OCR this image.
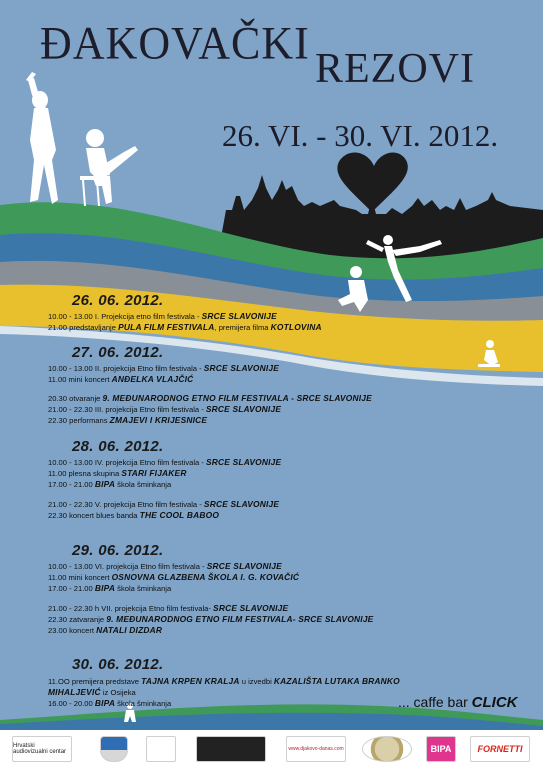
ĐAKOVAČKI REZOVI
26. VI. - 30. VI. 2012.
26. 06. 2012.
10.00 - 13.00 I. Projekcija etno film festivala - SRCE SLAVONIJE
21.00 predstavljanje PULA FILM FESTIVALA, premijera filma KOTLOVINA
27. 06. 2012.
10.00 - 13.00 II. projekcija Etno film festivala - SRCE SLAVONIJE
11.00 mini koncert ANĐELKA VLAJČIĆ
20.30 otvaranje 9. MEĐUNARODNOG ETNO FILM FESTIVALA - SRCE SLAVONIJE
21.00 - 22.30 III. projekcija Etno film festivala - SRCE SLAVONIJE
22.30 performans ZMAJEVI I KRIJESNICE
28. 06. 2012.
10.00 - 13.00 IV. projekcija Etno film festivala - SRCE SLAVONIJE
11.00 plesna skupina STARI FIJAKER
17.00 - 21.00 BIPA škola šminkanja
21.00 - 22.30 V. projekcija Etno film festivala - SRCE SLAVONIJE
22.30 koncert blues banda THE COOL BABOO
29. 06. 2012.
10.00 - 13.00 VI. projekcija Etno film festivala - SRCE SLAVONIJE
11.00 mini koncert OSNOVNA GLAZBENA ŠKOLA I. G. KOVAČIĆ
17.00 - 21.00 BIPA škola šminkanja
21.00 - 22.30 h VII. projekcija Etno film festivala- SRCE SLAVONIJE
22.30 zatvaranje 9. MEĐUNARODNOG ETNO FILM FESTIVALA- SRCE SLAVONIJE
23.00 koncert NATALI DIZDAR
30. 06. 2012.
11.OO premijera predstave TAJNA KRPEN KRALJA u izvedbi KAZALIŠTA LUTAKA BRANKO
MIHALJEVIĆ iz Osijeka
16.00 - 20.00 BIPA škola šminkanja	... caffe bar CLICK
Hrvatski audiovizualni centar	www.djakovo-danas.com	BIPA	FORNETTI
